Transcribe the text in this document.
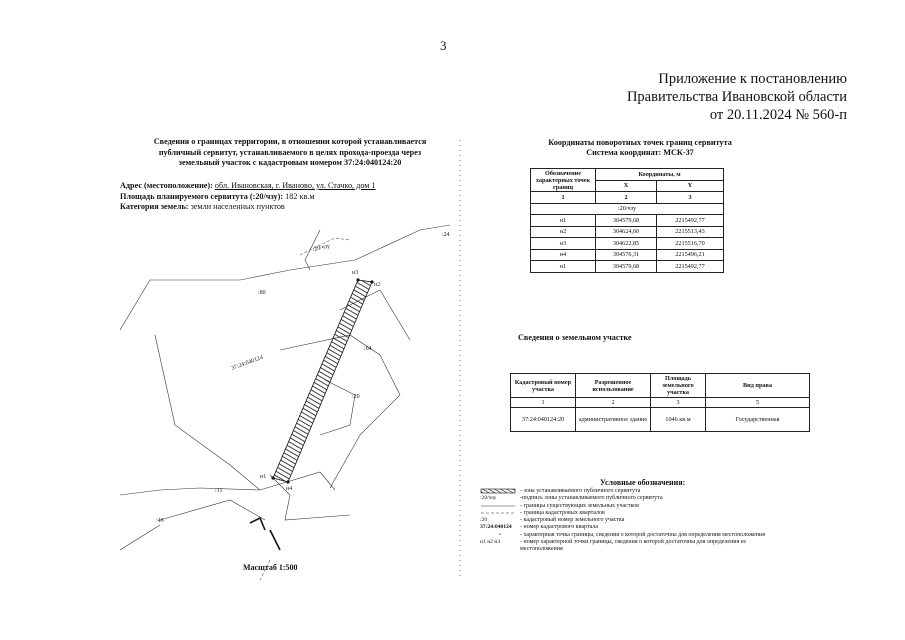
3
Приложение к постановлению
Правительства Ивановской области
от 20.11.2024 № 560-п
Сведения о границах территории, в отношении которой устанавливается
публичный сервитут, устанавливаемого в целях прохода-проезда через
земельный участок с кадастровым номером 37:24:040124:20
Адрес (местоположение): обл. Ивановская, г. Иваново, ул. Стачко, дом 1
Площадь планируемого сервитута (:20/чзу): 182 кв.м
Категория земель: земли населенных пунктов
:20/чзу
:24
:80
37:24:040124
:64
:20
:11
:46
н1
н2
н3
н4
Масштаб 1:500
Координаты поворотных точек границ сервитута
Система координат: МСК-37
Обозначение характерных точек границ	Координаты, м	
	X	Y
1	2	3
:20/чзу		
н1	304579,68	2215492,77
н2	304624,60	2215513,43
н3	304622,85	2215516,70
н4	304576,31	2215496,21
н1	304579,68	2215492,77
Сведения о земельном участке
Кадастровый номер участка	Разрешенное использование	Площадь земельного участка	Вид права
1	2	3	5
37:24:040124:20	административное здание	1046 кв.м	Государственная
Условные обозначения:
- зона устанавливаемого публичного сервитута
:20/чзу	-подпись зоны устанавливаемого публичного сервитута
- границы существующих земельных участков
- граница кадастровых кварталов
:20	- кадастровый номер земельного участка
37:24:040124	- номер кадастрового квартала
•	- характерная точка границы, сведения о которой достаточны для определения местоположения
н1 н2 н3	- номер характерной точки границы, сведения о которой достаточны для определения ее местоположения
